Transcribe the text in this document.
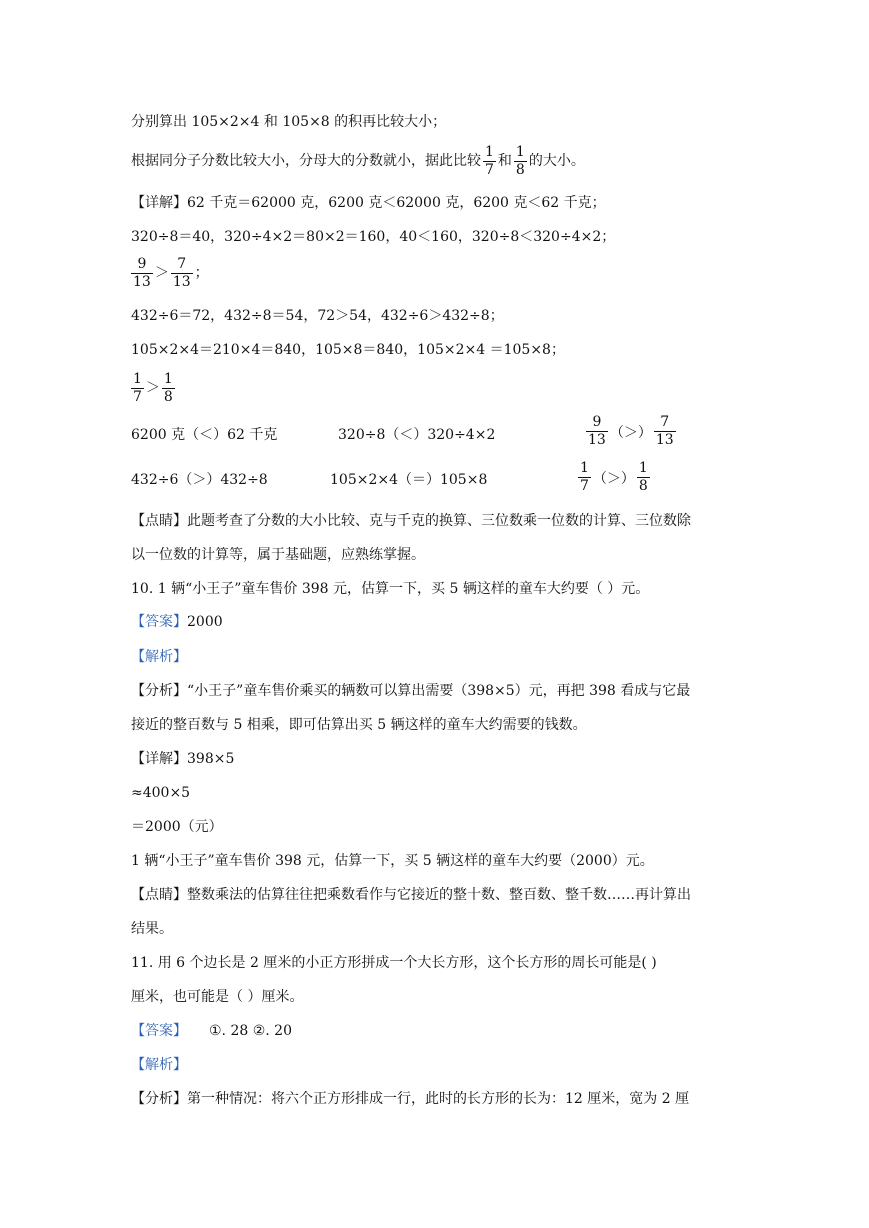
分别算出 105×2×4 和 105×8 的积再比较大小；
根据同分子分数比较大小，分母大的分数就小，据此比较 $\frac{1}{7}$ 和 $\frac{1}{8}$ 的大小。
【详解】62 千克＝62000 克，6200 克＜62000 克，6200 克＜62 千克；
320÷8＝40，320÷4×2＝80×2＝160，40＜160，320÷8＜320÷4×2；
$\frac{9}{13} > \frac{7}{13}$ ；
432÷6＝72，432÷8＝54，72＞54，432÷6＞432÷8；
105×2×4＝210×4＝840，105×8＝840，105×2×4 ＝105×8；
$\frac{1}{7} > \frac{1}{8}$
6200 克（＜）62 千克	320÷8（＜）320÷4×2	$\frac{9}{13}$ （＞） $\frac{7}{13}$
432÷6（＞）432÷8	105×2×4（＝）105×8	$\frac{1}{7}$ （＞） $\frac{1}{8}$
【点睛】此题考查了分数的大小比较、克与千克的换算、三位数乘一位数的计算、三位数除
以一位数的计算等，属于基础题，应熟练掌握。
10. 1 辆“小王子”童车售价 398 元，估算一下，买 5 辆这样的童车大约要（ ）元。
【答案】2000
【解析】
【分析】“小王子”童车售价乘买的辆数可以算出需要（398×5）元，再把 398 看成与它最
接近的整百数与 5 相乘，即可估算出买 5 辆这样的童车大约需要的钱数。
【详解】398×5
≈400×5
＝2000（元）
1 辆“小王子”童车售价 398 元，估算一下，买 5 辆这样的童车大约要（2000）元。
【点睛】整数乘法的估算往往把乘数看作与它接近的整十数、整百数、整千数……再计算出
结果。
11. 用 6 个边长是 2 厘米的小正方形拼成一个大长方形，这个长方形的周长可能是( )
厘米，也可能是（ ）厘米。
【答案】 ①. 28 ②. 20
【解析】
【分析】第一种情况：将六个正方形排成一行，此时的长方形的长为：12 厘米，宽为 2 厘
